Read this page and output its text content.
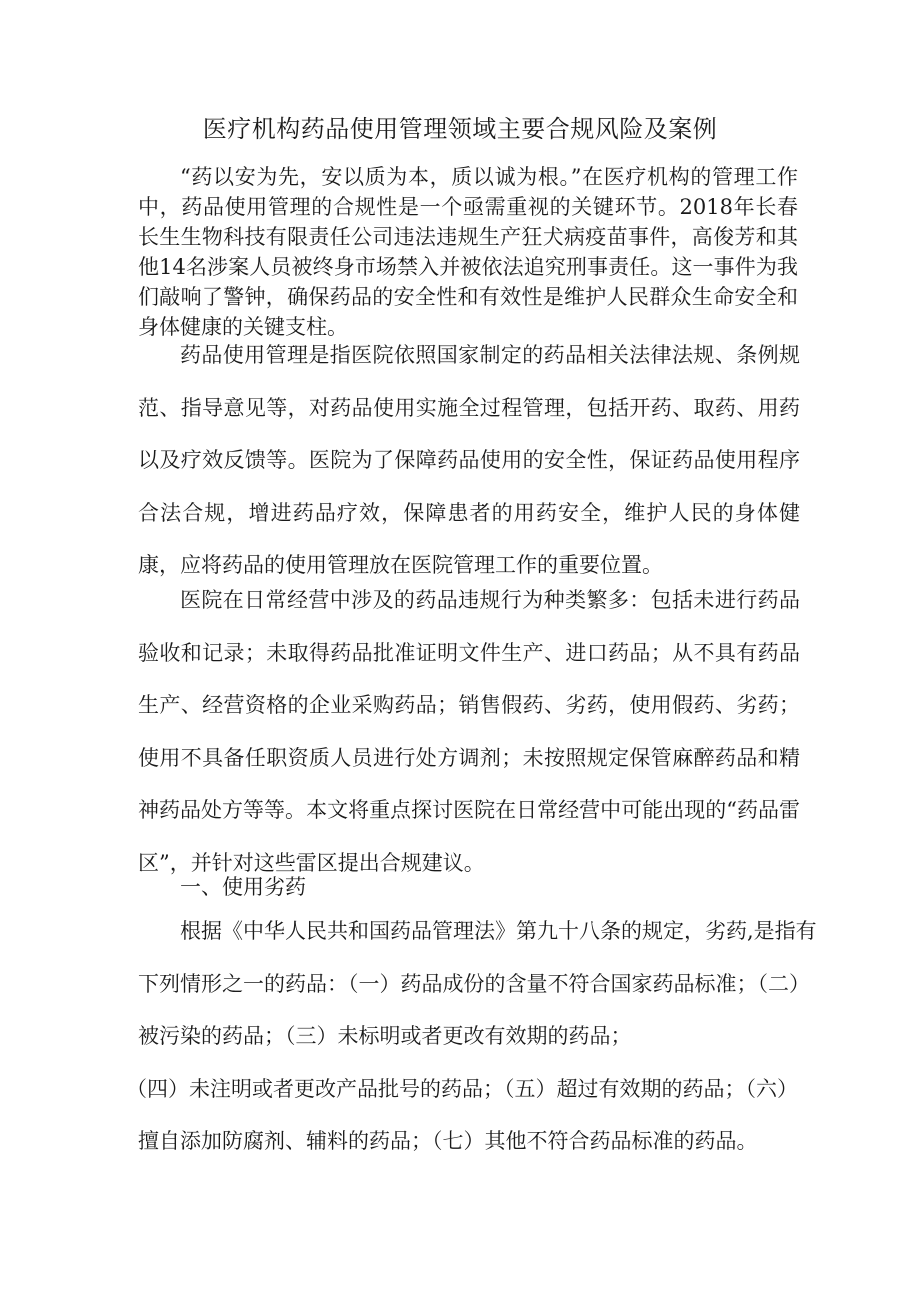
医疗机构药品使用管理领域主要合规风险及案例

“药以安为先，安以质为本，质以诚为根。”在医疗机构的管理工作中，药品使用管理的合规性是一个亟需重视的关键环节。2018年长春长生生物科技有限责任公司违法违规生产狂犬病疫苗事件，高俊芳和其他14名涉案人员被终身市场禁入并被依法追究刑事责任。这一事件为我们敲响了警钟，确保药品的安全性和有效性是维护人民群众生命安全和身体健康的关键支柱。

药品使用管理是指医院依照国家制定的药品相关法律法规、条例规范、指导意见等，对药品使用实施全过程管理，包括开药、取药、用药以及疗效反馈等。医院为了保障药品使用的安全性，保证药品使用程序合法合规，增进药品疗效，保障患者的用药安全，维护人民的身体健康，应将药品的使用管理放在医院管理工作的重要位置。

医院在日常经营中涉及的药品违规行为种类繁多：包括未进行药品验收和记录；未取得药品批准证明文件生产、进口药品；从不具有药品生产、经营资格的企业采购药品；销售假药、劣药，使用假药、劣药；使用不具备任职资质人员进行处方调剂；未按照规定保管麻醉药品和精神药品处方等等。本文将重点探讨医院在日常经营中可能出现的“药品雷区”，并针对这些雷区提出合规建议。

一、使用劣药
根据《中华人民共和国药品管理法》第九十八条的规定，劣药,是指有
下列情形之一的药品：（一）药品成份的含量不符合国家药品标准；（二）
被污染的药品；（三）未标明或者更改有效期的药品；
（四）未注明或者更改产品批号的药品；（五）超过有效期的药品；（六）
擅自添加防腐剂、辅料的药品；（七）其他不符合药品标准的药品。
